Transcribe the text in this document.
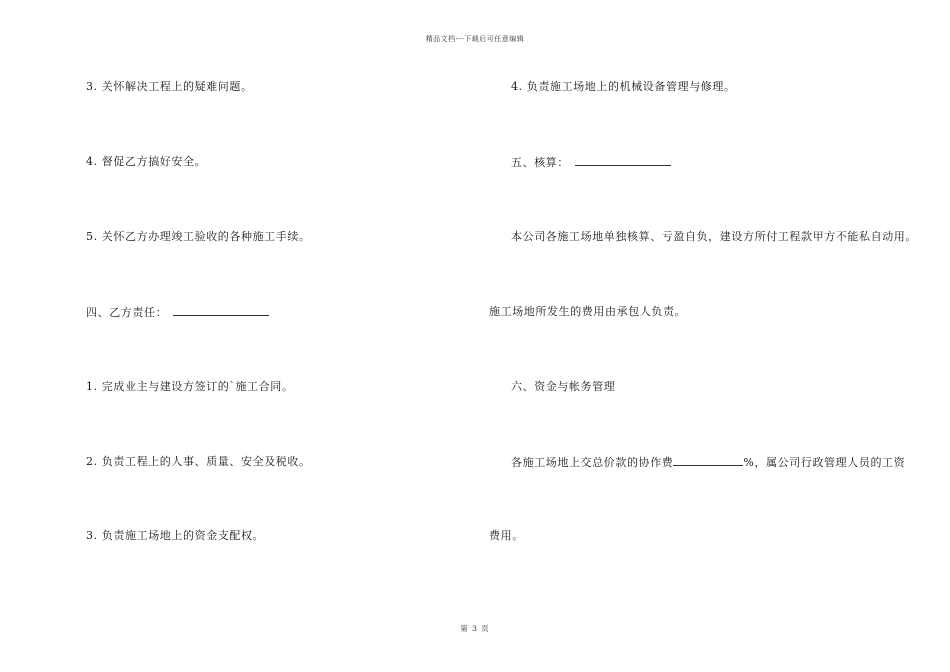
精品文档---下载后可任意编辑
3. 关怀解决工程上的疑难问题。
4. 督促乙方搞好安全。
5. 关怀乙方办理竣工验收的各种施工手续。
四、乙方责任：
1. 完成业主与建设方签订的`施工合同。
2. 负责工程上的人事、质量、安全及税收。
3. 负责施工场地上的资金支配权。
4. 负责施工场地上的机械设备管理与修理。
五、核算：
本公司各施工场地单独核算、亏盈自负，建设方所付工程款甲方不能私自动用。
施工场地所发生的费用由承包人负责。
六、资金与帐务管理
各施工场地上交总价款的协作费	%，属公司行政管理人员的工资
费用。
第 3 页
